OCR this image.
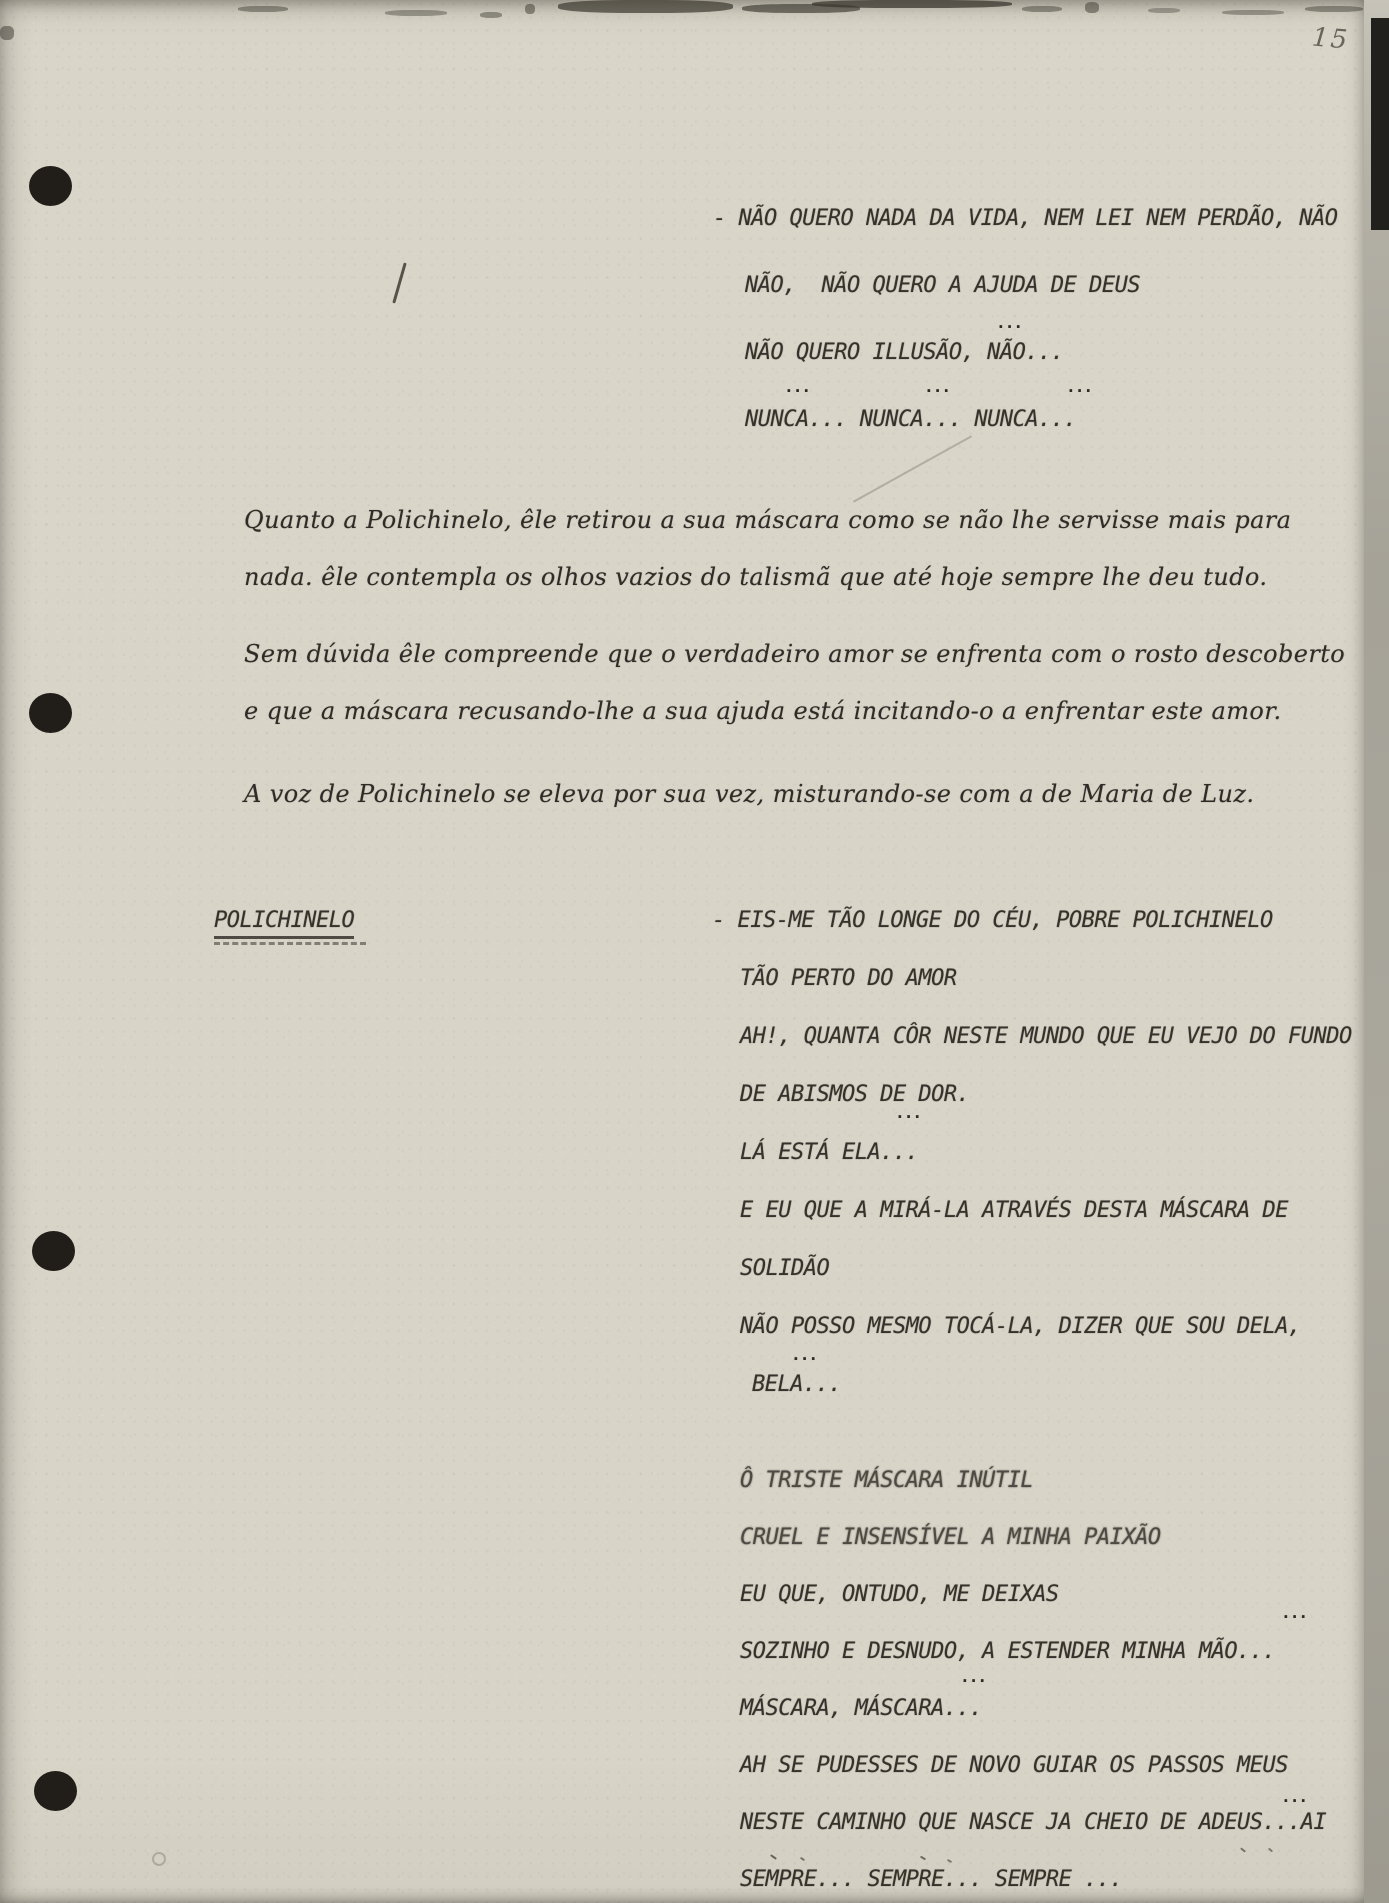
15
- NÃO QUERO NADA DA VIDA, NEM LEI NEM PERDÃO, NÃO
NÃO,  NÃO QUERO A AJUDA DE DEUS
NÃO QUERO ILLUSÃO, NÃO...
NUNCA... NUNCA... NUNCA...
Quanto a Polichinelo, êle retirou a sua máscara como se não lhe servisse mais para
nada. êle contempla os olhos vazios do talismã que até hoje sempre lhe deu tudo.
Sem dúvida êle compreende que o verdadeiro amor se enfrenta com o rosto descoberto
e que a máscara recusando-lhe a sua ajuda está incitando-o a enfrentar este amor.
A voz de Polichinelo se eleva por sua vez, misturando-se com a de Maria de Luz.
POLICHINELO	- EIS-ME TÃO LONGE DO CÉU, POBRE POLICHINELO
TÃO PERTO DO AMOR
AH!, QUANTA CÔR NESTE MUNDO QUE EU VEJO DO FUNDO
DE ABISMOS DE DOR.
LÁ ESTÁ ELA...
E EU QUE A MIRÁ-LA ATRAVÉS DESTA MÁSCARA DE
SOLIDÃO
NÃO POSSO MESMO TOCÁ-LA, DIZER QUE SOU DELA,
BELA...
Ô TRISTE MÁSCARA INÚTIL
CRUEL E INSENSÍVEL A MINHA PAIXÃO
EU QUE, ONTUDO, ME DEIXAS
SOZINHO E DESNUDO, A ESTENDER MINHA MÃO...
MÁSCARA, MÁSCARA...
AH SE PUDESSES DE NOVO GUIAR OS PASSOS MEUS
NESTE CAMINHO QUE NASCE JA CHEIO DE ADEUS...AI
SEMPRE... SEMPRE... SEMPRE ...
···
···	···	···
···
···
···
···
···
